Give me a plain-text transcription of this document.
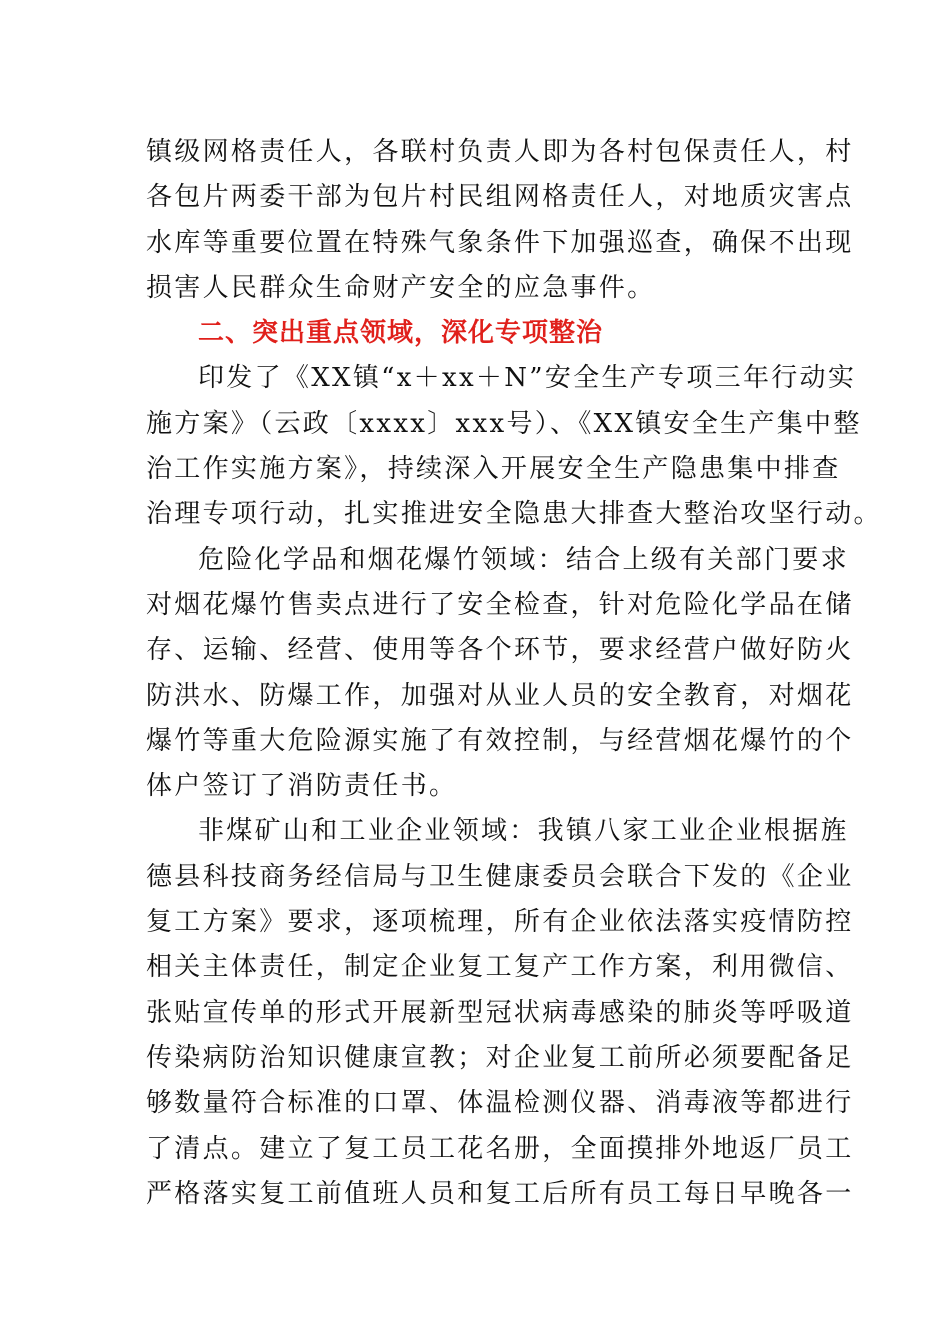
镇级网格责任人，各联村负责人即为各村包保责任人，村
各包片两委干部为包片村民组网格责任人，对地质灾害点
水库等重要位置在特殊气象条件下加强巡查，确保不出现
损害人民群众生命财产安全的应急事件。
二、突出重点领域，深化专项整治
印发了《XX镇“x＋xx＋N”安全生产专项三年行动实
施方案》（云政〔xxxx〕xxx号）、《XX镇安全生产集中整
治工作实施方案》，持续深入开展安全生产隐患集中排查
治理专项行动，扎实推进安全隐患大排查大整治攻坚行动。
危险化学品和烟花爆竹领域：结合上级有关部门要求
对烟花爆竹售卖点进行了安全检查，针对危险化学品在储
存、运输、经营、使用等各个环节，要求经营户做好防火
防洪水、防爆工作，加强对从业人员的安全教育，对烟花
爆竹等重大危险源实施了有效控制，与经营烟花爆竹的个
体户签订了消防责任书。
非煤矿山和工业企业领域：我镇八家工业企业根据旌
德县科技商务经信局与卫生健康委员会联合下发的《企业
复工方案》要求，逐项梳理，所有企业依法落实疫情防控
相关主体责任，制定企业复工复产工作方案，利用微信、
张贴宣传单的形式开展新型冠状病毒感染的肺炎等呼吸道
传染病防治知识健康宣教；对企业复工前所必须要配备足
够数量符合标准的口罩、体温检测仪器、消毒液等都进行
了清点。建立了复工员工花名册，全面摸排外地返厂员工
严格落实复工前值班人员和复工后所有员工每日早晚各一
